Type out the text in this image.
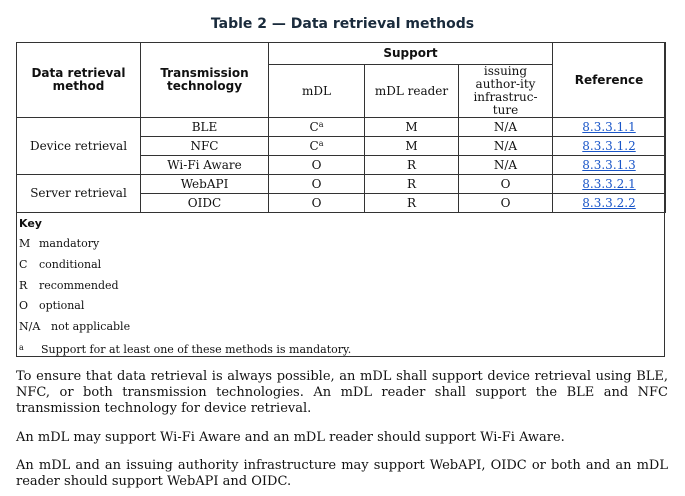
Table 2 — Data retrieval methods
Data retrieval method	Transmission technology	Support			Reference
		mDL	mDL reader	issuing author-ity infrastruc-ture	
Device retrieval	BLE	$C^a$	M	N/A	8.3.3.1.1
	NFC	$C^a$	M	N/A	8.3.3.1.2
	Wi-Fi Aware	O	R	N/A	8.3.3.1.3
Server retrieval	WebAPI	O	R	O	8.3.3.2.1
	OIDC	O	R	O	8.3.3.2.2
Key
M mandatory
C conditional
R recommended
O optional
N/A not applicable
a Support for at least one of these methods is mandatory.
To ensure that data retrieval is always possible, an mDL shall support device retrieval using BLE, NFC, or both transmission technologies. An mDL reader shall support the BLE and NFC transmission technology for device retrieval.
An mDL may support Wi-Fi Aware and an mDL reader should support Wi-Fi Aware.
An mDL and an issuing authority infrastructure may support WebAPI, OIDC or both and an mDL reader should support WebAPI and OIDC.
